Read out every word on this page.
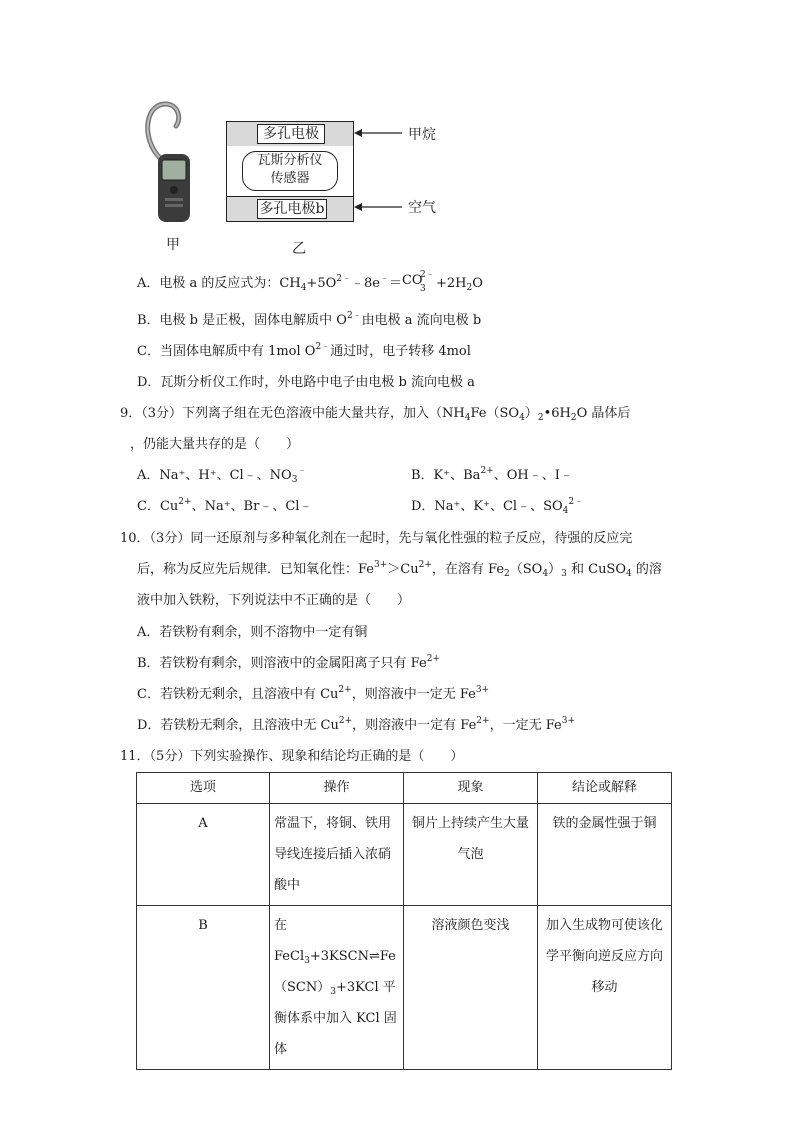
甲
多孔电极
多孔电极b
瓦斯分析仪
传感器
甲烷
空气
乙
A．电极 a 的反应式为：$CH_4+5O^{2﹣}﹣8e^﹣=$ CO
2﹣
$3 +2H_2O$
B．电极 b 是正极，固体电解质中 $O^{2﹣}$由电极 a 流向电极 b
C．当固体电解质中有 1mol $O^{2﹣}$通过时，电子转移 4mol
D．瓦斯分析仪工作时，外电路中电子由电极 b 流向电极 a
9．（3分）下列离子组在无色溶液中能大量共存，加入（$NH_4Fe(SO_4)_2•6H_2O$ 晶体后
，仍能大量共存的是（　　）
A．Na⁺、H⁺、Cl﹣、$NO_3^﹣$	B．K⁺、$Ba^{2+}$、OH﹣、I﹣
C．$Cu^{2+}$、Na⁺、Br﹣、Cl﹣	D．Na⁺、K⁺、Cl﹣、$SO_4^{2﹣}$
10．（3分）同一还原剂与多种氧化剂在一起时，先与氧化性强的粒子反应，待强的反应完
后，称为反应先后规律．已知氧化性：$Fe^{3+}>Cu^{2+}$，在溶有 $Fe_2(SO_4)_3$ 和 CuSO$_4$ 的溶
液中加入铁粉，下列说法中不正确的是（　　）
A．若铁粉有剩余，则不溶物中一定有铜
B．若铁粉有剩余，则溶液中的金属阳离子只有 $Fe^{2+}$
C．若铁粉无剩余，且溶液中有 $Cu^{2+}$，则溶液中一定无 $Fe^{3+}$
D．若铁粉无剩余，且溶液中无 $Cu^{2+}$，则溶液中一定有 $Fe^{2+}$，一定无 $Fe^{3+}$
11．（5分）下列实验操作、现象和结论均正确的是（　　）
选项	操作	现象	结论或解释
A	常温下，将铜、铁用导线连接后插入浓硝酸中	铜片上持续产生大量气泡	铁的金属性强于铜
B	在 $FeCl_3+3KSCN\rightleftharpoons Fe(SCN)_3+3KCl$ 平衡体系中加入 KCl 固体	溶液颜色变浅	加入生成物可使该化学平衡向逆反应方向移动
